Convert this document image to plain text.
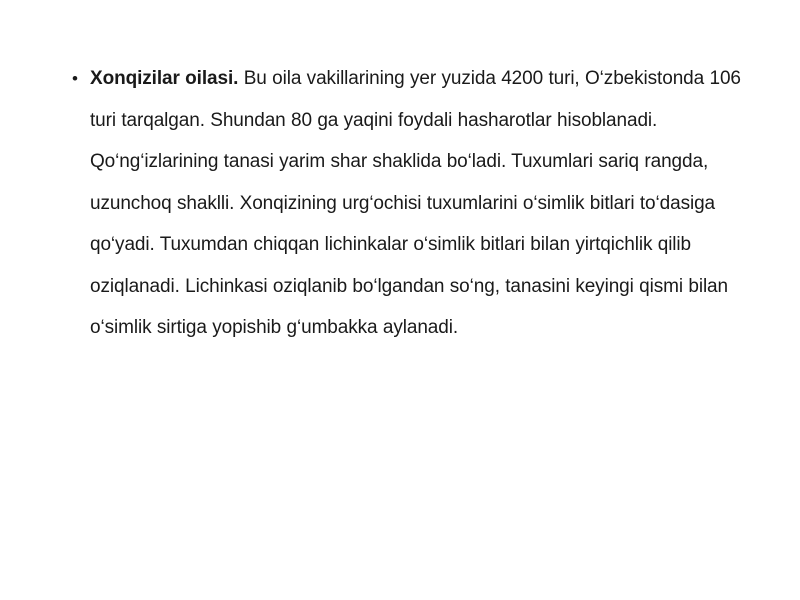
• Xonqizilar oilasi. Bu oila vakillarining yer yuzida 4200 turi, O‘zbekistonda 106 turi tarqalgan. Shundan 80 ga yaqini foydali hasharotlar hisoblanadi. Qo‘ng‘izlarining tanasi yarim shar shaklida bo‘ladi. Tuxumlari sariq rangda, uzunchoq shaklli. Xonqizining urg‘ochisi tuxumlarini o‘simlik bitlari to‘dasiga qo‘yadi. Tuxumdan chiqqan lichinkalar o‘simlik bitlari bilan yirtqichlik qilib oziqlanadi. Lichinkasi oziqlanib bo‘lgandan so‘ng, tanasini keyingi qismi bilan o‘simlik sirtiga yopishib g‘umbakka aylanadi.
